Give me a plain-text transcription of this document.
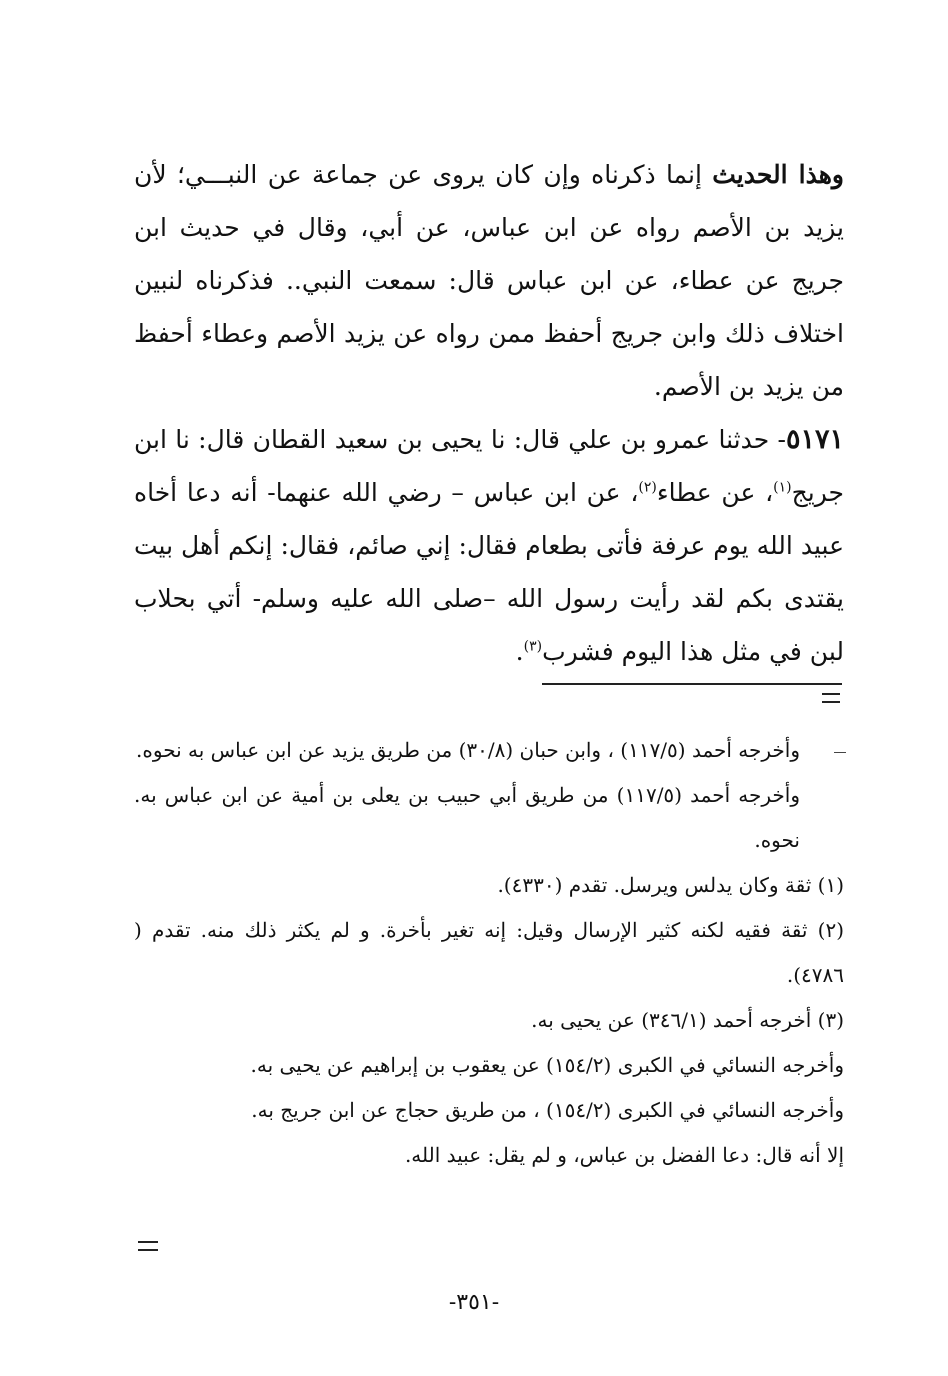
وهذا الحديث إنما ذكرناه وإن كان يروى عن جماعة عن النبـــي؛ لأن يزيد بن الأصم رواه عن ابن عباس، عن أبي، وقال في حديث ابن جريج عن عطاء، عن ابن عباس قال: سمعت النبي.. فذكرناه لنبين اختلاف ذلك وابن جريج أحفظ ممن رواه عن يزيد الأصم وعطاء أحفظ من يزيد بن الأصم.

٥١٧١- حدثنا عمرو بن علي قال: نا يحيى بن سعيد القطان قال: نا ابن جريج$^{(١)}$، عن عطاء$^{(٢)}$، عن ابن عباس – رضي الله عنهما- أنه دعا أخاه عبيد الله يوم عرفة فأتى بطعام فقال: إني صائم، فقال: إنكم أهل بيت يقتدى بكم لقد رأيت رسول الله –صلى الله عليه وسلم- أتي بحلاب لبن في مثل هذا اليوم فشرب$^{(٣)}$.

وأخرجه أحمد (١١٧/٥) ، وابن حبان (٣٠/٨) من طريق يزيد عن ابن عباس به نحوه.

وأخرجه أحمد (١١٧/٥) من طريق أبي حبيب بن يعلى بن أمية عن ابن عباس به. نحوه.

(١) ثقة وكان يدلس ويرسل. تقدم (٤٣٣٠).

(٢) ثقة فقيه لكنه كثير الإرسال وقيل: إنه تغير بأخرة. و لم يكثر ذلك منه. تقدم ( ٤٧٨٦).

(٣) أخرجه أحمد (٣٤٦/١) عن يحيى به.

وأخرجه النسائي في الكبرى (١٥٤/٢) عن يعقوب بن إبراهيم عن يحيى به.

وأخرجه النسائي في الكبرى (١٥٤/٢) ، من طريق حجاج عن ابن جريج به.

إلا أنه قال: دعا الفضل بن عباس، و لم يقل: عبيد الله.

-٣٥١-
